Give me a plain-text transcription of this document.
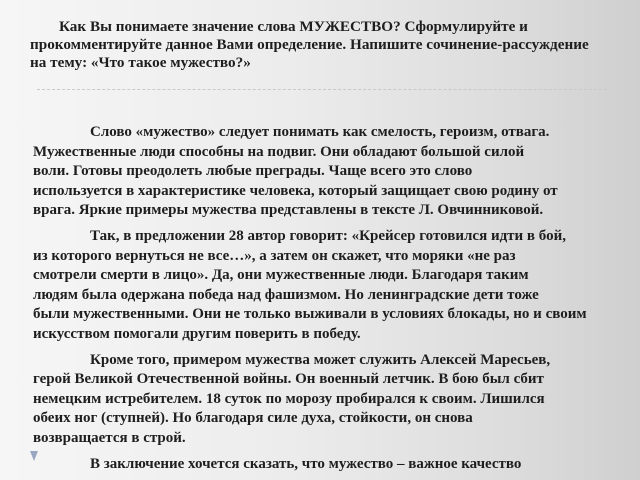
Как Вы понимаете значение слова МУЖЕСТВО? Сформулируйте и прокомментируйте данное Вами определение. Напишите сочинение-рассуждение на тему: «Что такое мужество?»

Слово «мужество» следует понимать как смелость, героизм, отвага.
Мужественные люди способны на подвиг. Они обладают большой силой
воли. Готовы преодолеть любые преграды. Чаще всего это слово
используется в характеристике человека, который защищает свою родину от
врага. Яркие примеры мужества представлены в тексте Л. Овчинниковой.

Так, в предложении 28 автор говорит: «Крейсер готовился идти в бой,
из которого вернуться не все…», а затем он скажет, что моряки «не раз
смотрели смерти в лицо». Да, они мужественные люди. Благодаря таким
людям была одержана победа над фашизмом. Но ленинградские дети тоже
были мужественными. Они не только выживали в условиях блокады, но и своим
искусством помогали другим поверить в победу.

Кроме того, примером мужества может служить Алексей Маресьев,
герой Великой Отечественной войны. Он военный летчик. В бою был сбит
немецким истребителем. 18 суток по морозу пробирался к своим. Лишился
обеих ног (ступней). Но благодаря силе духа, стойкости, он снова
возвращается в строй.

В заключение хочется сказать, что мужество – важное качество
